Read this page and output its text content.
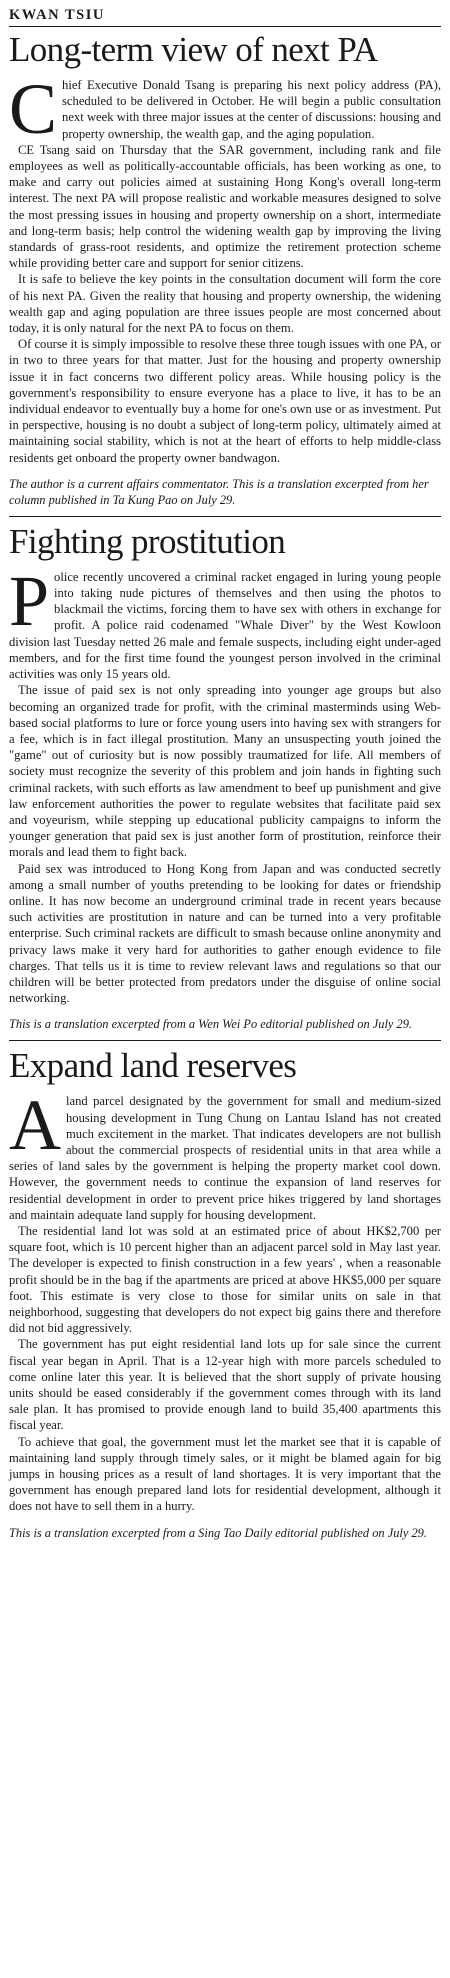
KWAN TSIU
Long-term view of next PA

Chief Executive Donald Tsang is preparing his next policy address (PA), scheduled to be delivered in October. He will begin a public consultation next week with three major issues at the center of discussions: housing and property ownership, the wealth gap, and the aging population.

CE Tsang said on Thursday that the SAR government, including rank and file employees as well as politically-accountable officials, has been working as one, to make and carry out policies aimed at sustaining Hong Kong's overall long-term interest. The next PA will propose realistic and workable measures designed to solve the most pressing issues in housing and property ownership on a short, intermediate and long-term basis; help control the widening wealth gap by improving the living standards of grass-root residents, and optimize the retirement protection scheme while providing better care and support for senior citizens.

It is safe to believe the key points in the consultation document will form the core of his next PA. Given the reality that housing and property ownership, the widening wealth gap and aging population are three issues people are most concerned about today, it is only natural for the next PA to focus on them.

Of course it is simply impossible to resolve these three tough issues with one PA, or in two to three years for that matter. Just for the housing and property ownership issue it in fact concerns two different policy areas. While housing policy is the government's responsibility to ensure everyone has a place to live, it has to be an individual endeavor to eventually buy a home for one's own use or as investment. Put in perspective, housing is no doubt a subject of long-term policy, ultimately aimed at maintaining social stability, which is not at the heart of efforts to help middle-class residents get onboard the property owner bandwagon.

The author is a current affairs commentator. This is a translation excerpted from her column published in Ta Kung Pao on July 29.
Fighting prostitution

Police recently uncovered a criminal racket engaged in luring young people into taking nude pictures of themselves and then using the photos to blackmail the victims, forcing them to have sex with others in exchange for profit. A police raid codenamed "Whale Diver" by the West Kowloon division last Tuesday netted 26 male and female suspects, including eight under-aged members, and for the first time found the youngest person involved in the criminal activities was only 15 years old.

The issue of paid sex is not only spreading into younger age groups but also becoming an organized trade for profit, with the criminal masterminds using Web-based social platforms to lure or force young users into having sex with strangers for a fee, which is in fact illegal prostitution. Many an unsuspecting youth joined the "game" out of curiosity but is now possibly traumatized for life. All members of society must recognize the severity of this problem and join hands in fighting such criminal rackets, with such efforts as law amendment to beef up punishment and give law enforcement authorities the power to regulate websites that facilitate paid sex and voyeurism, while stepping up educational publicity campaigns to inform the younger generation that paid sex is just another form of prostitution, reinforce their morals and lead them to fight back.

Paid sex was introduced to Hong Kong from Japan and was conducted secretly among a small number of youths pretending to be looking for dates or friendship online. It has now become an underground criminal trade in recent years because such activities are prostitution in nature and can be turned into a very profitable enterprise. Such criminal rackets are difficult to smash because online anonymity and privacy laws make it very hard for authorities to gather enough evidence to file charges. That tells us it is time to review relevant laws and regulations so that our children will be better protected from predators under the disguise of online social networking.

This is a translation excerpted from a Wen Wei Po editorial published on July 29.
Expand land reserves

Aland parcel designated by the government for small and medium-sized housing development in Tung Chung on Lantau Island has not created much excitement in the market. That indicates developers are not bullish about the commercial prospects of residential units in that area while a series of land sales by the government is helping the property market cool down. However, the government needs to continue the expansion of land reserves for residential development in order to prevent price hikes triggered by land shortages and maintain adequate land supply for housing development.

The residential land lot was sold at an estimated price of about HK$2,700 per square foot, which is 10 percent higher than an adjacent parcel sold in May last year. The developer is expected to finish construction in a few years' , when a reasonable profit should be in the bag if the apartments are priced at above HK$5,000 per square foot. This estimate is very close to those for similar units on sale in that neighborhood, suggesting that developers do not expect big gains there and therefore did not bid aggressively.

The government has put eight residential land lots up for sale since the current fiscal year began in April. That is a 12-year high with more parcels scheduled to come online later this year. It is believed that the short supply of private housing units should be eased considerably if the government comes through with its land sale plan. It has promised to provide enough land to build 35,400 apartments this fiscal year.

To achieve that goal, the government must let the market see that it is capable of maintaining land supply through timely sales, or it might be blamed again for big jumps in housing prices as a result of land shortages. It is very important that the government has enough prepared land lots for residential development, although it does not have to sell them in a hurry.

This is a translation excerpted from a Sing Tao Daily editorial published on July 29.
